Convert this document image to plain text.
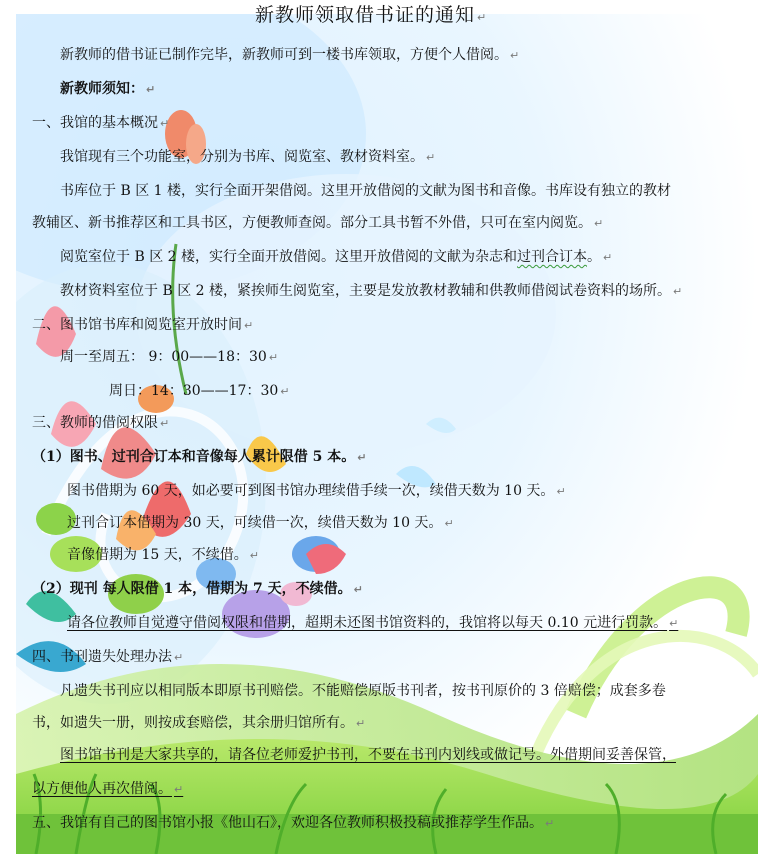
新教师领取借书证的通知 ↵
新教师的借书证已制作完毕，新教师可到一楼书库领取，方便个人借阅。 ↵
新教师须知： ↵
一、我馆的基本概况 ↵
我馆现有三个功能室，分别为书库、阅览室、教材资料室。 ↵
书库位于 B 区 1 楼，实行全面开架借阅。这里开放借阅的文献为图书和音像。书库设有独立的教材
教辅区、新书推荐区和工具书区，方便教师查阅。部分工具书暂不外借，只可在室内阅览。 ↵
阅览室位于 B 区 2 楼，实行全面开放借阅。这里开放借阅的文献为杂志和过刊合订本。 ↵
教材资料室位于 B 区 2 楼，紧挨师生阅览室，主要是发放教材教辅和供教师借阅试卷资料的场所。 ↵
二、图书馆书库和阅览室开放时间 ↵
周一至周五： 9：00——18：30 ↵
周日：14：30——17：30 ↵
三、教师的借阅权限 ↵
（1）图书、过刊合订本和音像每人累计限借 5 本。 ↵
图书借期为 60 天，如必要可到图书馆办理续借手续一次，续借天数为 10 天。 ↵
过刊合订本借期为 30 天，可续借一次，续借天数为 10 天。 ↵
音像借期为 15 天，不续借。 ↵
（2）现刊 每人限借 1 本，借期为 7 天，不续借。 ↵
请各位教师自觉遵守借阅权限和借期，超期未还图书馆资料的，我馆将以每天 0.10 元进行罚款。 ↵
四、书刊遗失处理办法 ↵
凡遗失书刊应以相同版本即原书刊赔偿。不能赔偿原版书刊者，按书刊原价的 3 倍赔偿；成套多卷
书，如遗失一册，则按成套赔偿，其余册归馆所有。 ↵
图书馆书刊是大家共享的，请各位老师爱护书刊，不要在书刊内划线或做记号。外借期间妥善保管，
以方便他人再次借阅。 ↵
五、我馆有自己的图书馆小报《他山石》，欢迎各位教师积极投稿或推荐学生作品。 ↵
